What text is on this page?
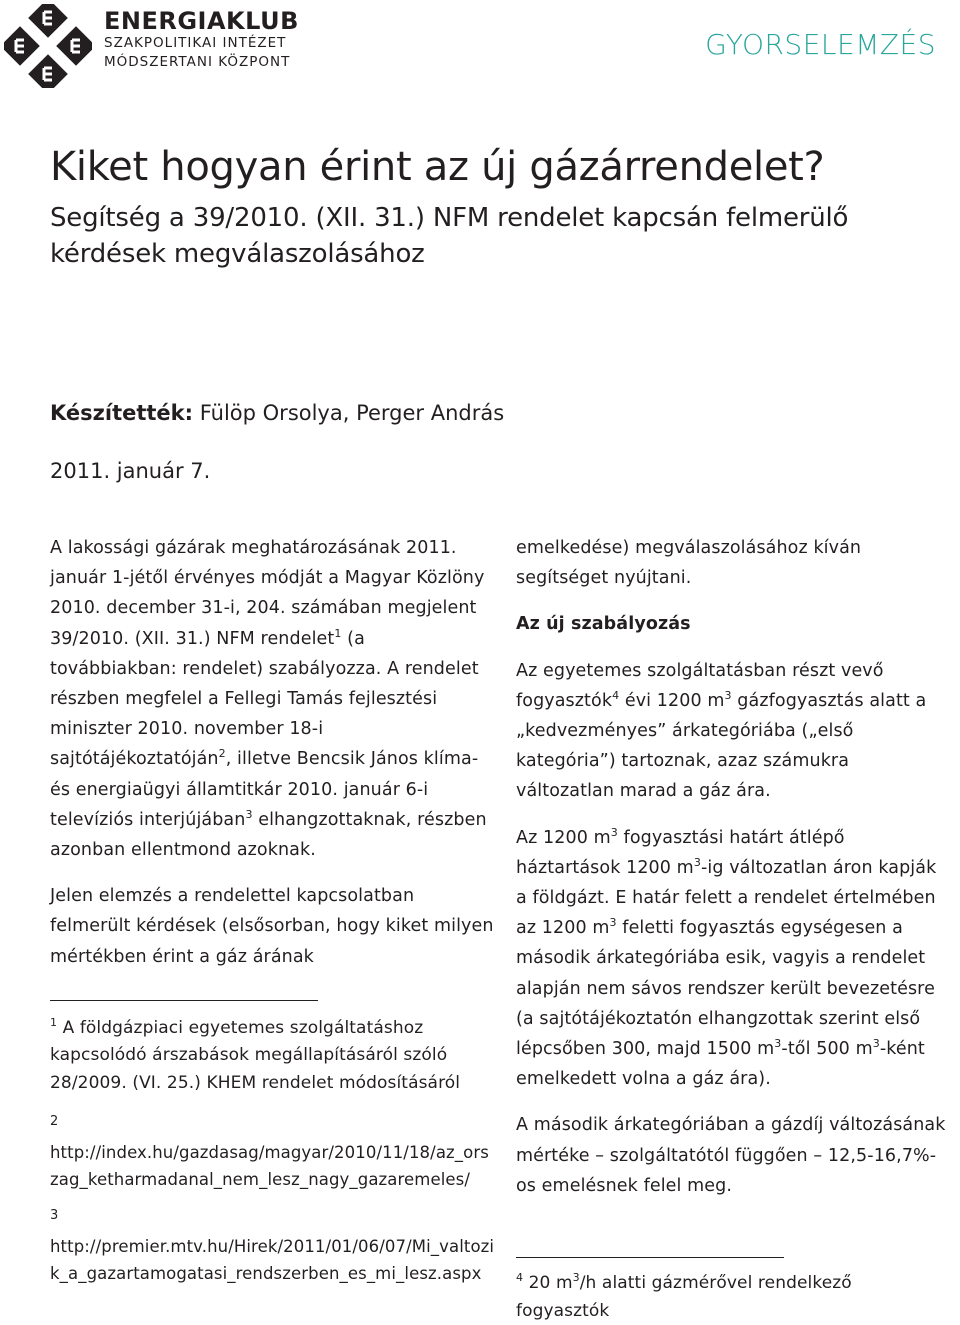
ENERGIAKLUB
SZAKPOLITIKAI INTÉZET
MÓDSZERTANI KÖZPONT
GYORSELEMZÉS
Kiket hogyan érint az új gázárrendelet?
Segítség a 39/2010. (XII. 31.) NFM rendelet kapcsán felmerülő kérdések megválaszolásához
Készítették: Fülöp Orsolya, Perger András
2011. január 7.

A lakossági gázárak meghatározásának 2011. január 1-jétől érvényes módját a Magyar Közlöny 2010. december 31-i, 204. számában megjelent 39/2010. (XII. 31.) NFM rendelet$^1$ (a továbbiakban: rendelet) szabályozza. A rendelet részben megfelel a Fellegi Tamás fejlesztési miniszter 2010. november 18-i sajtótájékoztatóján$^2$, illetve Bencsik János klíma- és energiaügyi államtitkár 2010. január 6-i televíziós interjújában$^3$ elhangzottaknak, részben azonban ellentmond azoknak.

Jelen elemzés a rendelettel kapcsolatban felmerült kérdések (elsősorban, hogy kiket milyen mértékben érint a gáz árának

$^1$ A földgázpiaci egyetemes szolgáltatáshoz kapcsolódó árszabások megállapításáról szóló 28/2009. (VI. 25.) KHEM rendelet módosításáról

2

http://index.hu/gazdasag/magyar/2010/11/18/az_orszag_ketharmadanal_nem_lesz_nagy_gazaremeles/

3

http://premier.mtv.hu/Hirek/2011/01/06/07/Mi_valtozik_a_gazartamogatasi_rendszerben_es_mi_lesz.aspx

emelkedése) megválaszolásához kíván segítséget nyújtani.

Az új szabályozás

Az egyetemes szolgáltatásban részt vevő fogyasztók$^4$ évi 1200 $m^3$ gázfogyasztás alatt a „kedvezményes” árkategóriába („első kategória”) tartoznak, azaz számukra változatlan marad a gáz ára.

Az 1200 $m^3$ fogyasztási határt átlépő háztartások 1200 $m^3-ig$ változatlan áron kapják a földgázt. E határ felett a rendelet értelmében az 1200 $m^3$ feletti fogyasztás egységesen a második árkategóriába esik, vagyis a rendelet alapján nem sávos rendszer került bevezetésre (a sajtótájékoztatón elhangzottak szerint első lépcsőben 300, majd 1500 $m^3$-től 500 $m^3$-ként emelkedett volna a gáz ára).

A második árkategóriában a gázdíj változásának mértéke – szolgáltatótól függően – 12,5-16,7%-os emelésnek felel meg.

$^4$ 20 $m^3/h$ alatti gázmérővel rendelkező fogyasztók
